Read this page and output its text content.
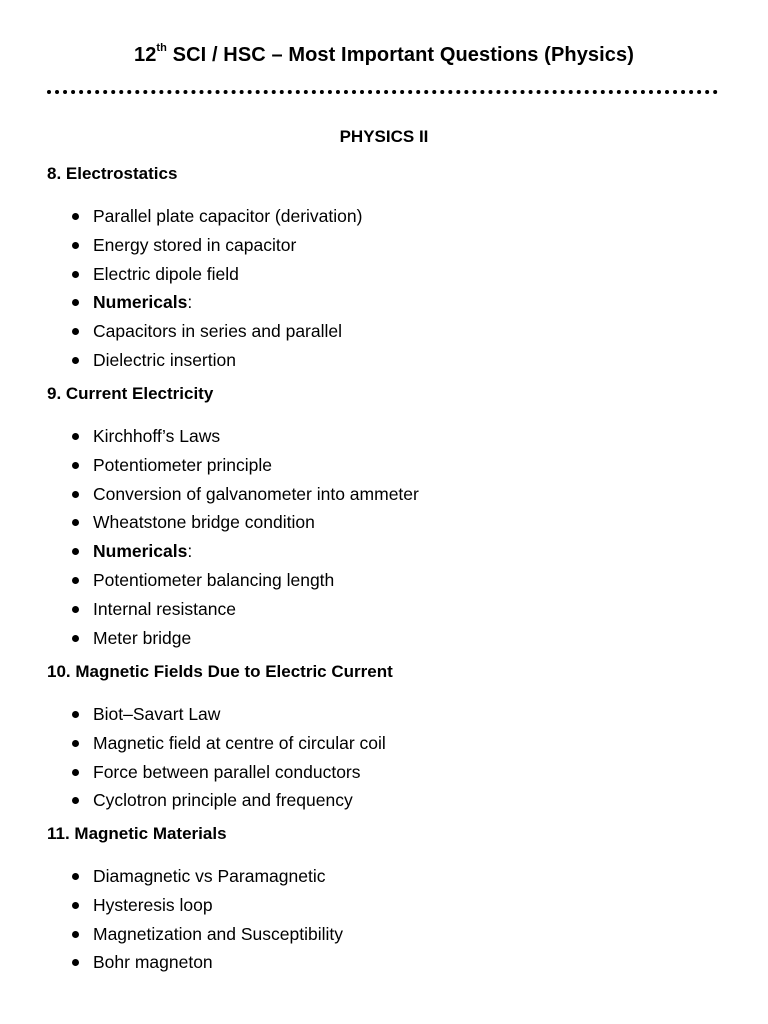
12th SCI / HSC – Most Important Questions (Physics)
PHYSICS II
8. Electrostatics
Parallel plate capacitor (derivation)
Energy stored in capacitor
Electric dipole field
Numericals:
Capacitors in series and parallel
Dielectric insertion
9. Current Electricity
Kirchhoff’s Laws
Potentiometer principle
Conversion of galvanometer into ammeter
Wheatstone bridge condition
Numericals:
Potentiometer balancing length
Internal resistance
Meter bridge
10. Magnetic Fields Due to Electric Current
Biot–Savart Law
Magnetic field at centre of circular coil
Force between parallel conductors
Cyclotron principle and frequency
11. Magnetic Materials
Diamagnetic vs Paramagnetic
Hysteresis loop
Magnetization and Susceptibility
Bohr magneton
